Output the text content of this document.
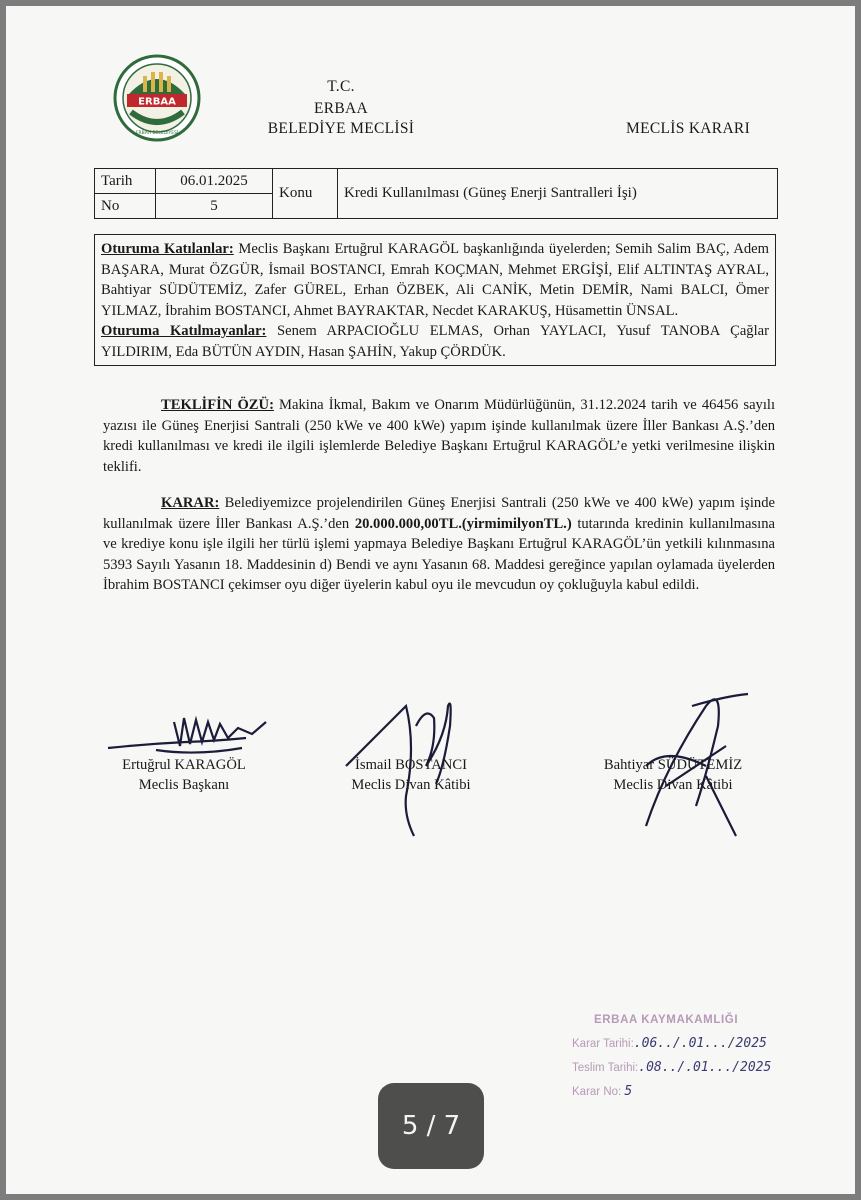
ERBAA
ERBAA BELEDİYESİ
T.C.
ERBAA
BELEDİYE MECLİSİ	MECLİS KARARI
Tarih	06.01.2025	Konu	Kredi Kullanılması (Güneş Enerji Santralleri İşi)
No	5		
Oturuma Katılanlar: Meclis Başkanı Ertuğrul KARAGÖL başkanlığında üyelerden; Semih Salim BAÇ, Adem BAŞARA, Murat ÖZGÜR, İsmail BOSTANCI, Emrah KOÇMAN, Mehmet ERGİŞİ, Elif ALTINTAŞ AYRAL, Bahtiyar SÜDÜTEMİZ, Zafer GÜREL, Erhan ÖZBEK, Ali CANİK, Metin DEMİR, Nami BALCI, Ömer YILMAZ, İbrahim BOSTANCI, Ahmet BAYRAKTAR, Necdet KARAKUŞ, Hüsamettin ÜNSAL.
Oturuma Katılmayanlar: Senem ARPACIOĞLU ELMAS, Orhan YAYLACI, Yusuf TANOBA Çağlar YILDIRIM, Eda BÜTÜN AYDIN, Hasan ŞAHİN, Yakup ÇÖRDÜK.
TEKLİFİN ÖZÜ: Makina İkmal, Bakım ve Onarım Müdürlüğünün, 31.12.2024 tarih ve 46456 sayılı yazısı ile Güneş Enerjisi Santrali (250 kWe ve 400 kWe) yapım işinde kullanılmak üzere İller Bankası A.Ş.’den kredi kullanılması ve kredi ile ilgili işlemlerde Belediye Başkanı Ertuğrul KARAGÖL’e yetki verilmesine ilişkin teklifi.
KARAR: Belediyemizce projelendirilen Güneş Enerjisi Santrali (250 kWe ve 400 kWe) yapım işinde kullanılmak üzere İller Bankası A.Ş.’den 20.000.000,00TL.(yirmimilyonTL.) tutarında kredinin kullanılmasına ve krediye konu işle ilgili her türlü işlemi yapmaya Belediye Başkanı Ertuğrul KARAGÖL’ün yetkili kılınmasına 5393 Sayılı Yasanın 18. Maddesinin d) Bendi ve aynı Yasanın 68. Maddesi gereğince yapılan oylamada üyelerden İbrahim BOSTANCI çekimser oyu diğer üyelerin kabul oyu ile mevcudun oy çokluğuyla kabul edildi.
Ertuğrul KARAGÖL
Meclis Başkanı
İsmail BOSTANCI
Meclis Divan Kâtibi
Bahtiyar SÜDÜTEMİZ
Meclis Divan Kâtibi
ERBAA KAYMAKAMLIĞI
Karar Tarihi:.06../.01.../2025
Teslim Tarihi:.08../.01.../2025
Karar No: 5
5 / 7
